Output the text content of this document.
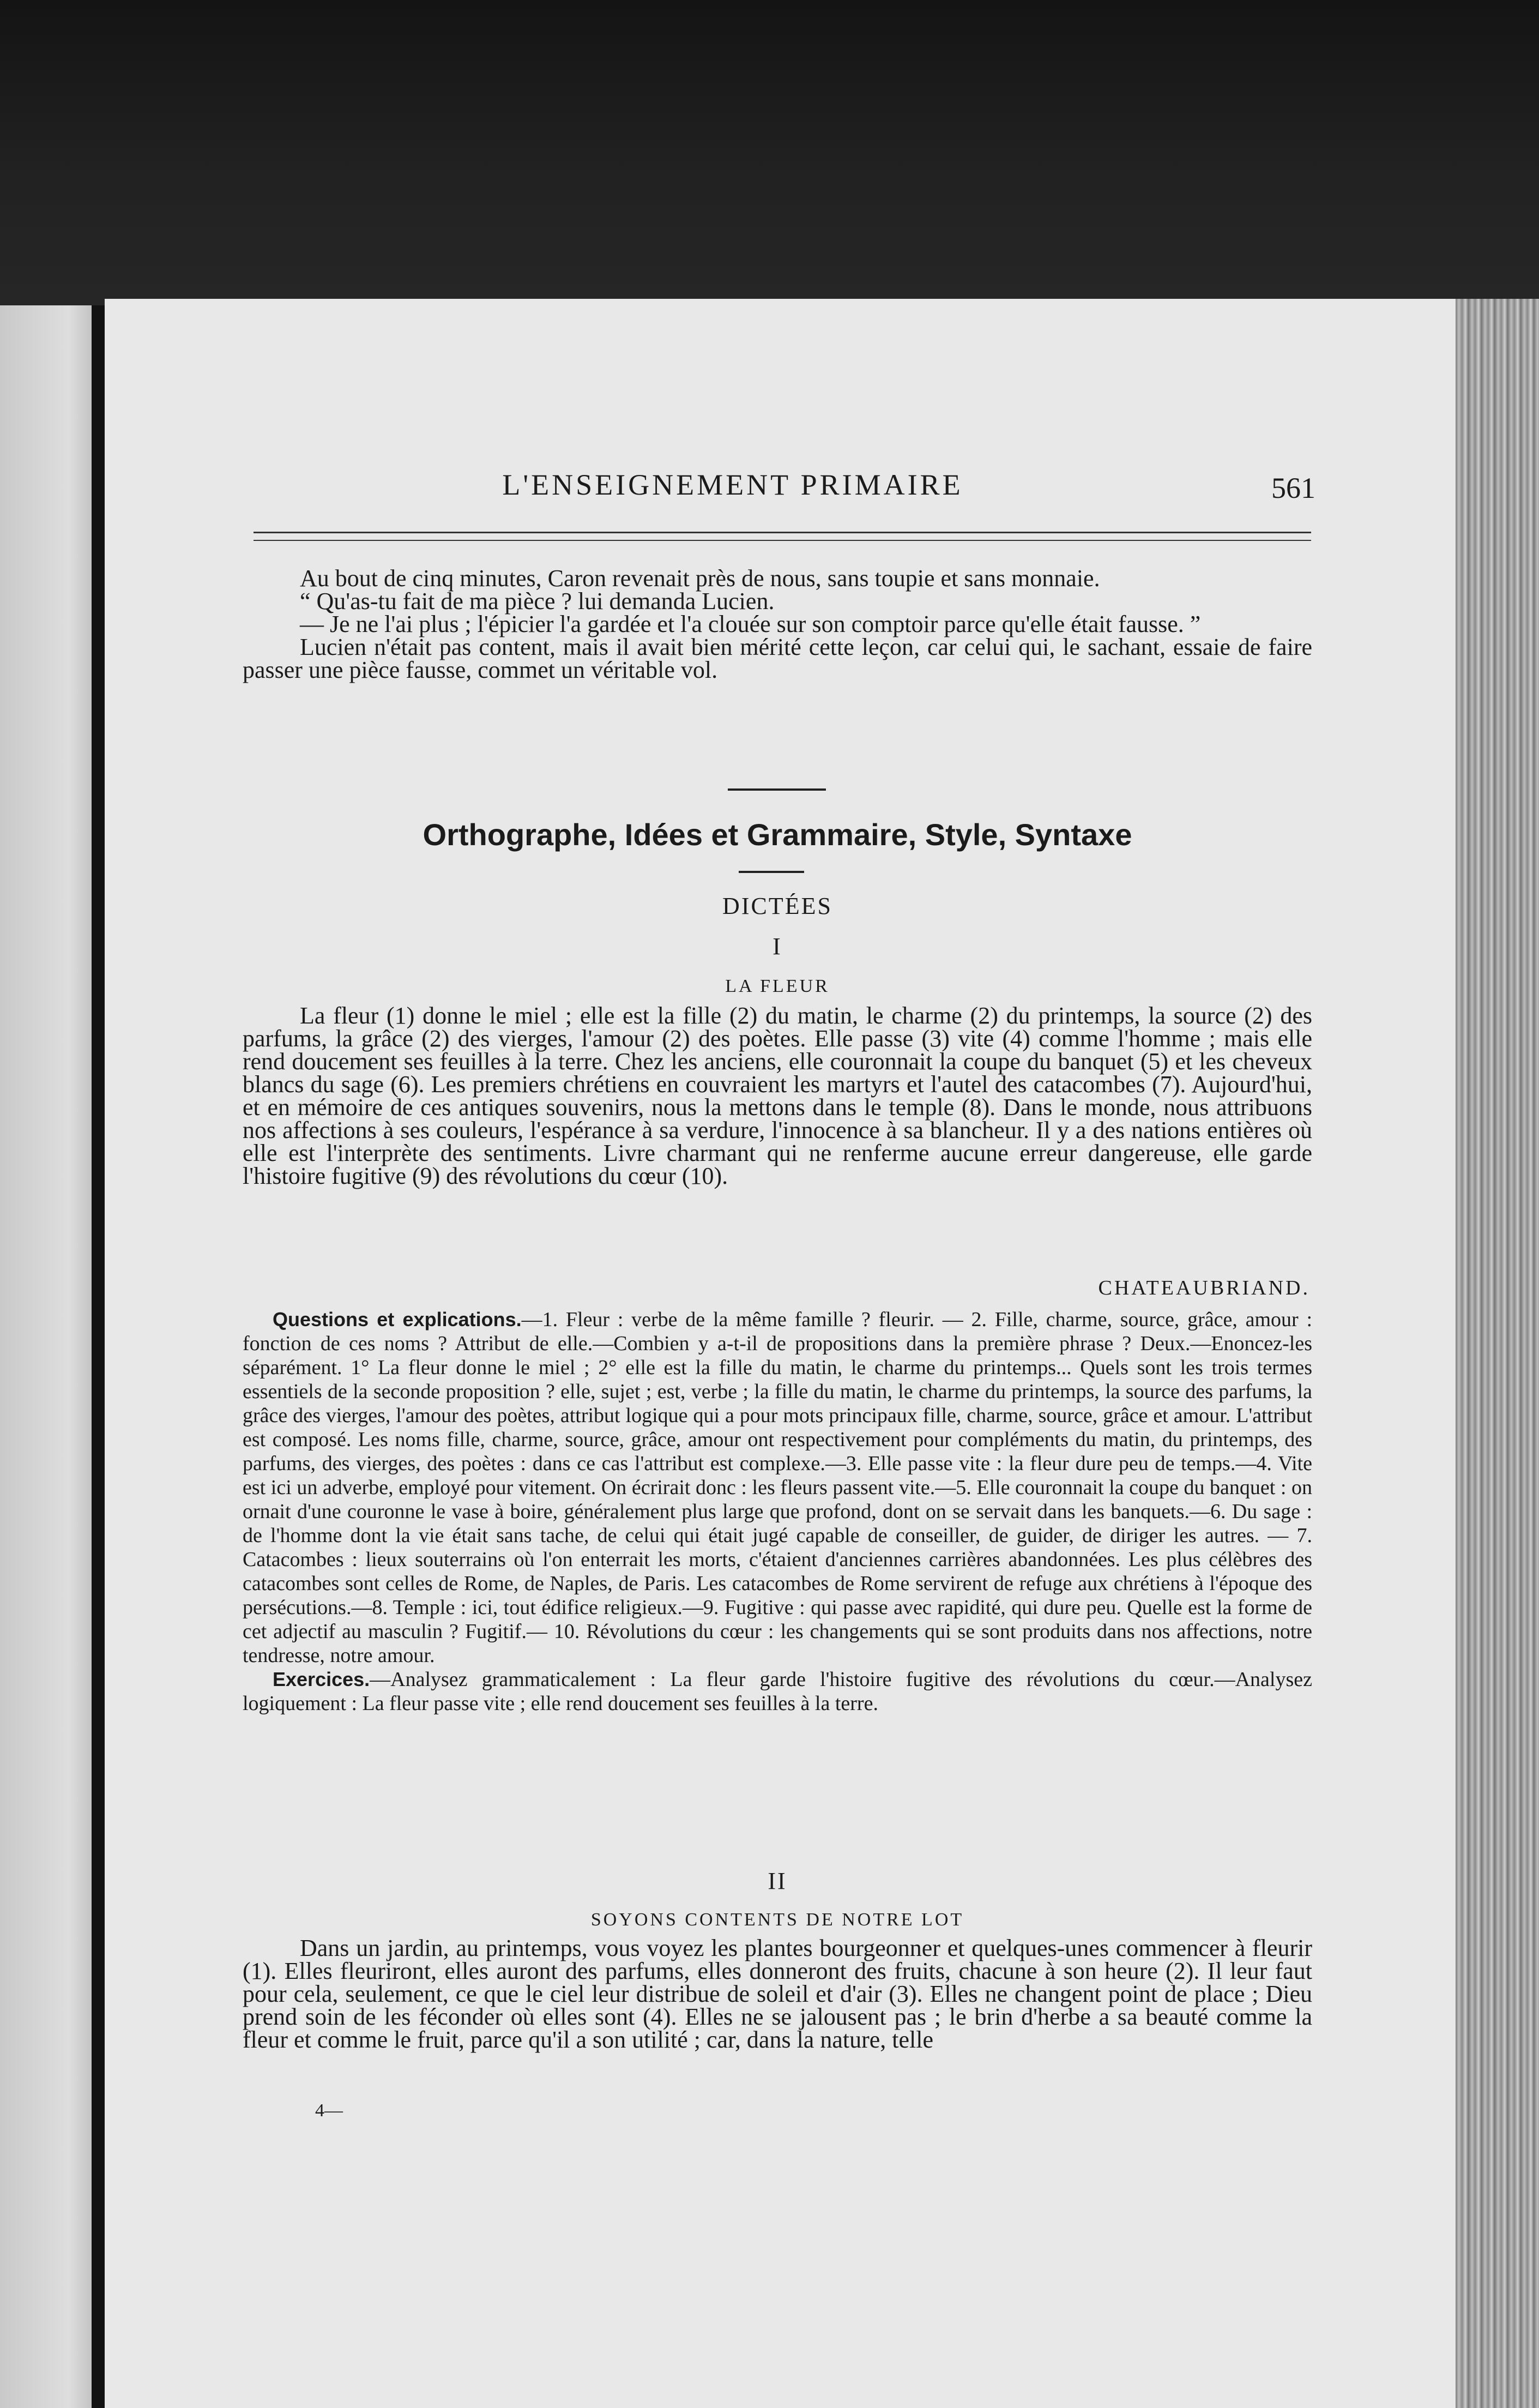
L'ENSEIGNEMENT PRIMAIRE	561

Au bout de cinq minutes, Caron revenait près de nous, sans toupie et sans monnaie.

“ Qu'as-tu fait de ma pièce ? lui demanda Lucien.

— Je ne l'ai plus ; l'épicier l'a gardée et l'a clouée sur son comptoir parce qu'elle était fausse. ”

Lucien n'était pas content, mais il avait bien mérité cette leçon, car celui qui, le sachant, essaie de faire passer une pièce fausse, commet un véritable vol.

Orthographe, Idées et Grammaire, Style, Syntaxe
DICTÉES
I
LA FLEUR

La fleur (1) donne le miel ; elle est la fille (2) du matin, le charme (2) du printemps, la source (2) des parfums, la grâce (2) des vierges, l'amour (2) des poètes. Elle passe (3) vite (4) comme l'homme ; mais elle rend doucement ses feuilles à la terre. Chez les anciens, elle couronnait la coupe du banquet (5) et les cheveux blancs du sage (6). Les premiers chrétiens en couvraient les martyrs et l'autel des catacombes (7). Aujourd'hui, et en mémoire de ces antiques souvenirs, nous la mettons dans le temple (8). Dans le monde, nous attribuons nos affections à ses couleurs, l'espérance à sa verdure, l'innocence à sa blancheur. Il y a des nations entières où elle est l'interprète des sentiments. Livre charmant qui ne renferme aucune erreur dangereuse, elle garde l'histoire fugitive (9) des révolutions du cœur (10).

CHATEAUBRIAND.

Questions et explications.—1. Fleur : verbe de la même famille ? fleurir. — 2. Fille, charme, source, grâce, amour : fonction de ces noms ? Attribut de elle.—Combien y a-t-il de propositions dans la première phrase ? Deux.—Enoncez-les séparément. 1° La fleur donne le miel ; 2° elle est la fille du matin, le charme du printemps... Quels sont les trois termes essentiels de la seconde proposition ? elle, sujet ; est, verbe ; la fille du matin, le charme du printemps, la source des parfums, la grâce des vierges, l'amour des poètes, attribut logique qui a pour mots principaux fille, charme, source, grâce et amour. L'attribut est composé. Les noms fille, charme, source, grâce, amour ont respectivement pour compléments du matin, du printemps, des parfums, des vierges, des poètes : dans ce cas l'attribut est complexe.—3. Elle passe vite : la fleur dure peu de temps.—4. Vite est ici un adverbe, employé pour vitement. On écrirait donc : les fleurs passent vite.—5. Elle couronnait la coupe du banquet : on ornait d'une couronne le vase à boire, généralement plus large que profond, dont on se servait dans les banquets.—6. Du sage : de l'homme dont la vie était sans tache, de celui qui était jugé capable de conseiller, de guider, de diriger les autres. — 7. Catacombes : lieux souterrains où l'on enterrait les morts, c'étaient d'anciennes carrières abandonnées. Les plus célèbres des catacombes sont celles de Rome, de Naples, de Paris. Les catacombes de Rome servirent de refuge aux chrétiens à l'époque des persécutions.—8. Temple : ici, tout édifice religieux.—9. Fugitive : qui passe avec rapidité, qui dure peu. Quelle est la forme de cet adjectif au masculin ? Fugitif.— 10. Révolutions du cœur : les changements qui se sont produits dans nos affections, notre tendresse, notre amour.

Exercices.—Analysez grammaticalement : La fleur garde l'histoire fugitive des révolutions du cœur.—Analysez logiquement : La fleur passe vite ; elle rend doucement ses feuilles à la terre.

II
SOYONS CONTENTS DE NOTRE LOT

Dans un jardin, au printemps, vous voyez les plantes bourgeonner et quelques-unes commencer à fleurir (1). Elles fleuriront, elles auront des parfums, elles donneront des fruits, chacune à son heure (2). Il leur faut pour cela, seulement, ce que le ciel leur distribue de soleil et d'air (3). Elles ne changent point de place ; Dieu prend soin de les féconder où elles sont (4). Elles ne se jalousent pas ; le brin d'herbe a sa beauté comme la fleur et comme le fruit, parce qu'il a son utilité ; car, dans la nature, telle

4—
